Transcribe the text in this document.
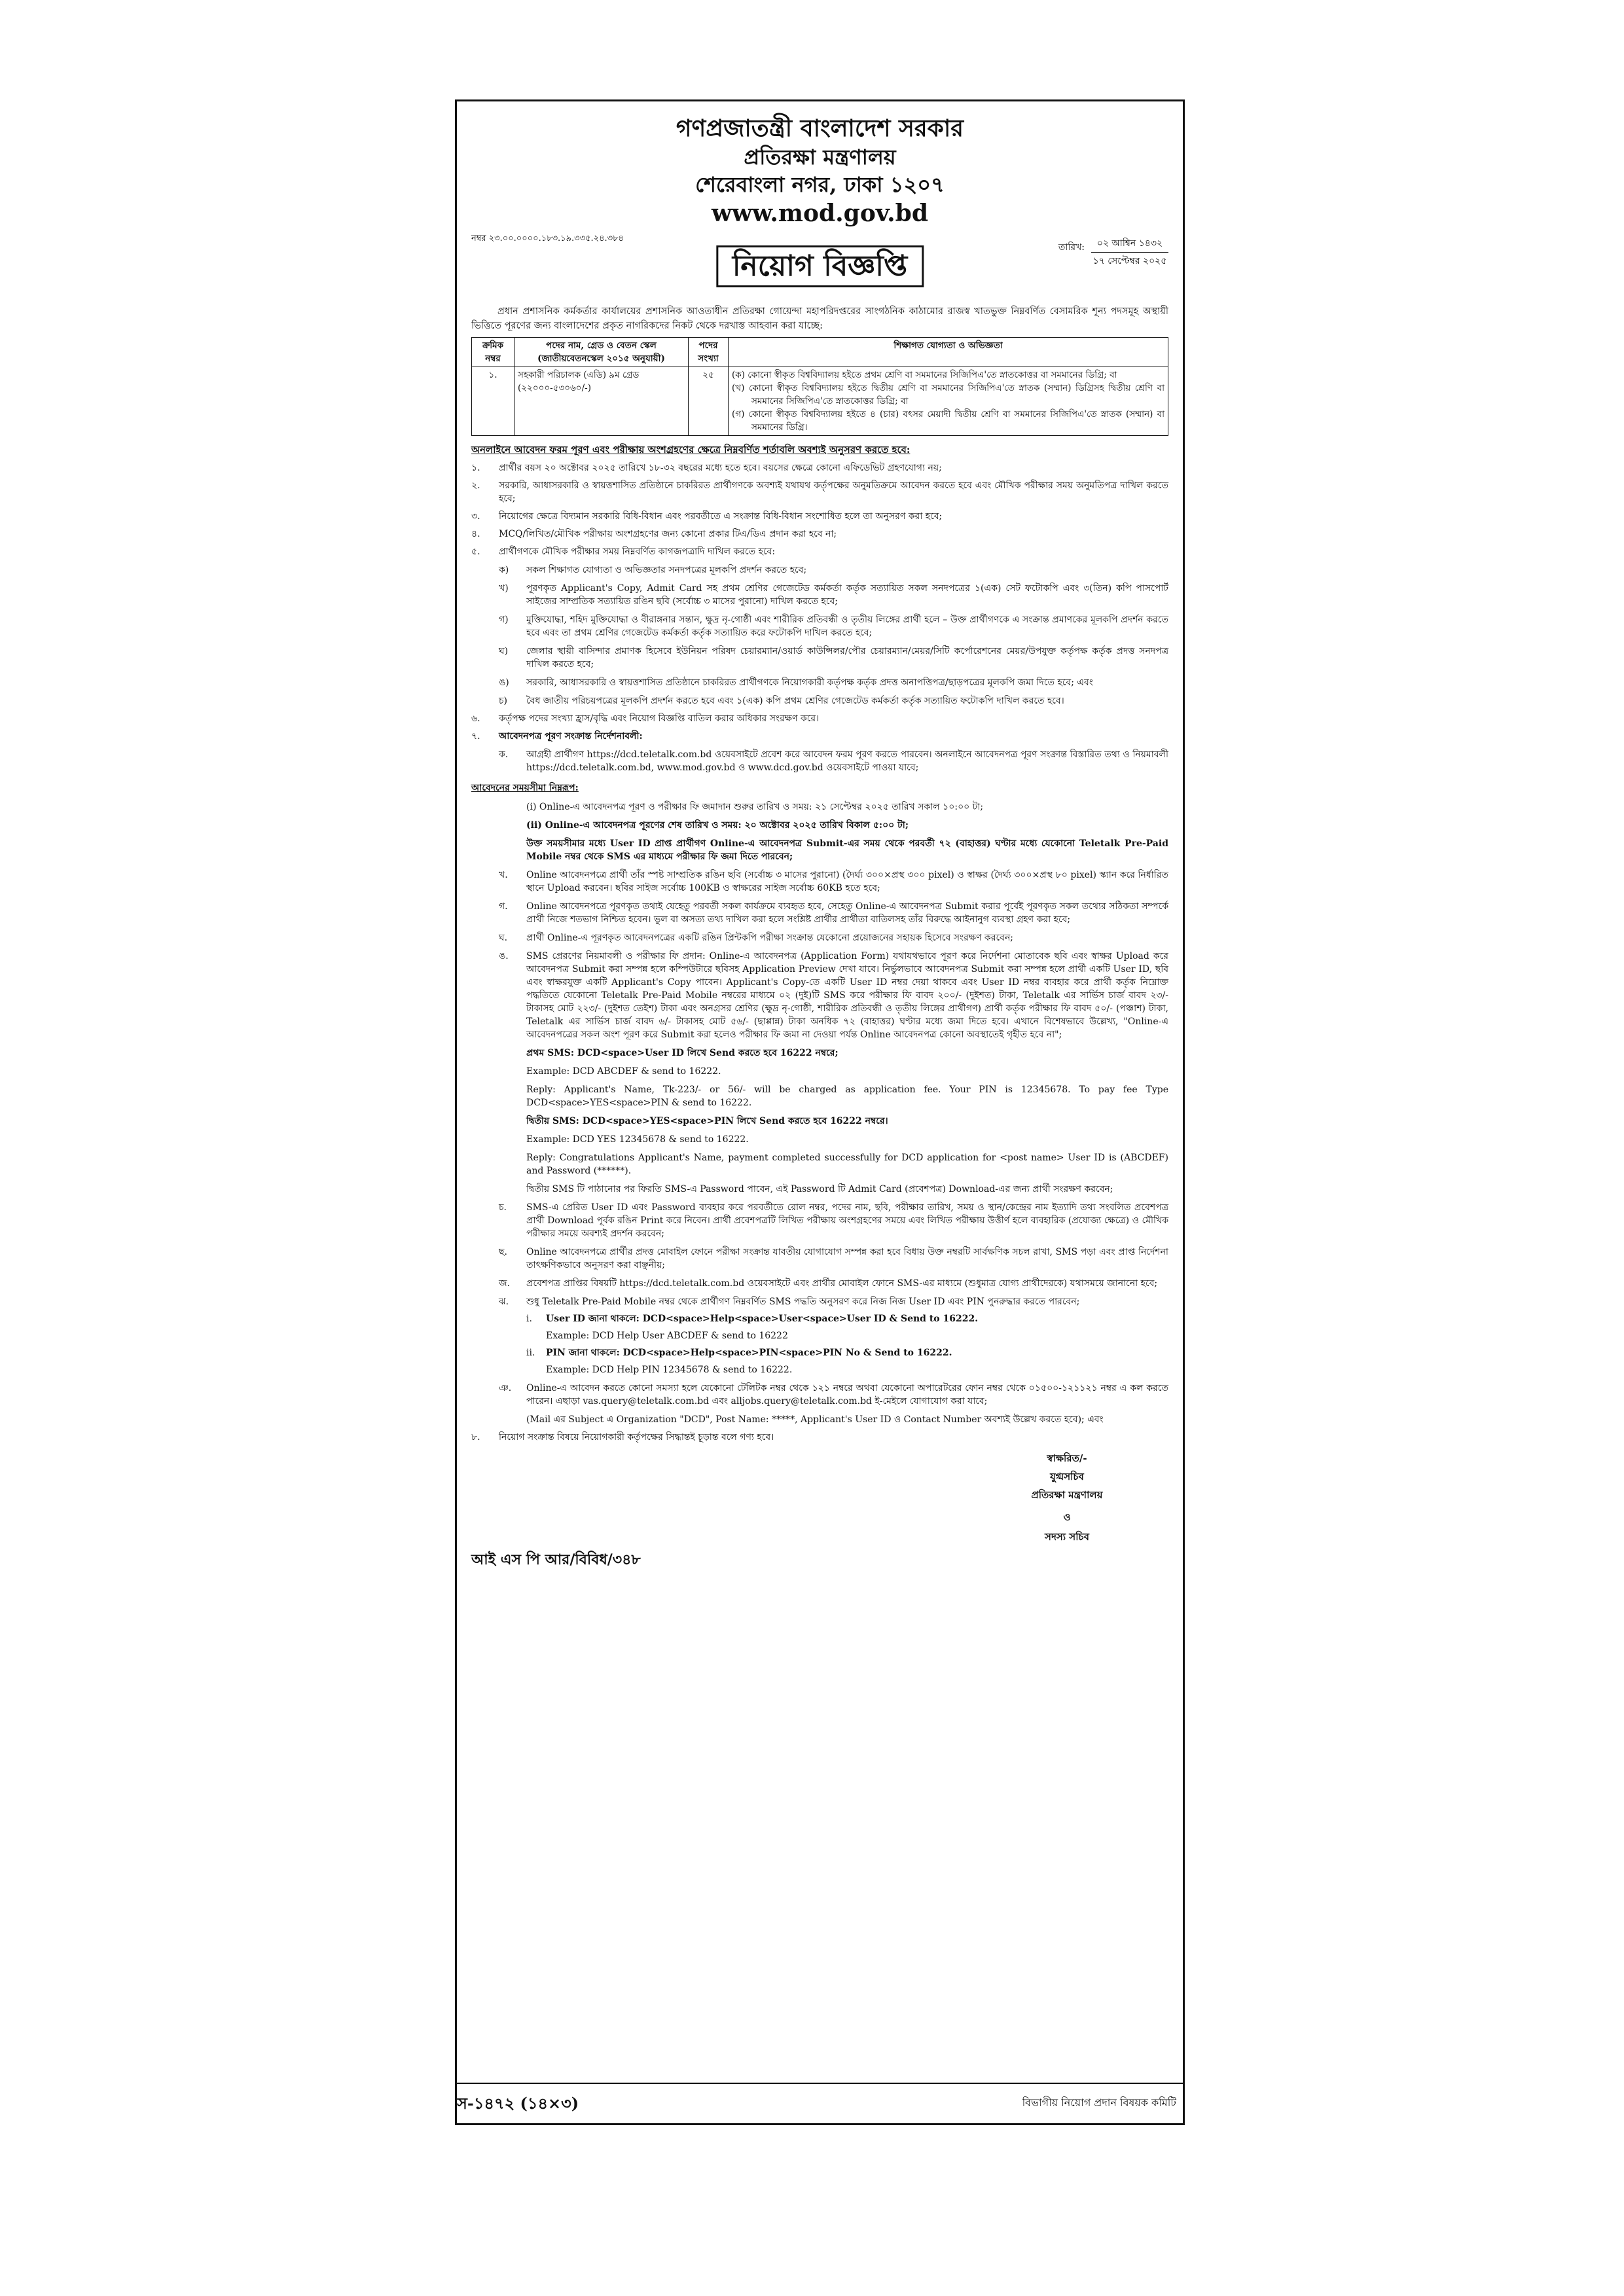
গণপ্রজাতন্ত্রী বাংলাদেশ সরকার
প্রতিরক্ষা মন্ত্রণালয়
শেরেবাংলা নগর, ঢাকা ১২০৭
www.mod.gov.bd
নম্বর ২৩.০০.০০০০.১৮৩.১৯.৩৩৫.২৪.৩৮৪
নিয়োগ বিজ্ঞপ্তি
তারিখ:	০২ আশ্বিন ১৪৩২
১৭ সেপ্টেম্বর ২০২৫

প্রধান প্রশাসনিক কর্মকর্তার কার্যালয়ের প্রশাসনিক আওতাধীন প্রতিরক্ষা গোয়েন্দা মহাপরিদপ্তরের সাংগঠনিক কাঠামোর রাজস্ব খাতভুক্ত নিম্নবর্ণিত বেসামরিক শূন্য পদসমূহ অস্থায়ী ভিত্তিতে পূরণের জন্য বাংলাদেশের প্রকৃত নাগরিকদের নিকট থেকে দরখাস্ত আহবান করা যাচ্ছে:

ক্রমিক নম্বর	পদের নাম, গ্রেড ও বেতন স্কেল (জাতীয়বেতনস্কেল ২০১৫ অনুযায়ী)	পদের সংখ্যা	শিক্ষাগত যোগ্যতা ও অভিজ্ঞতা
১.	সহকারী পরিচালক (এডি) ৯ম গ্রেড (২২০০০-৫৩০৬০/-)	২৫	(ক) কোনো স্বীকৃত বিশ্ববিদ্যালয় হইতে প্রথম শ্রেণি বা সমমানের সিজিপিএ'তে স্নাতকোত্তর বা সমমানের ডিগ্রি; বা
(খ) কোনো স্বীকৃত বিশ্ববিদ্যালয় হইতে দ্বিতীয় শ্রেণি বা সমমানের সিজিপিএ'তে স্নাতক (সম্মান) ডিগ্রিসহ দ্বিতীয় শ্রেণি বা সমমানের সিজিপিএ'তে স্নাতকোত্তর ডিগ্রি; বা
(গ) কোনো স্বীকৃত বিশ্ববিদ্যালয় হইতে ৪ (চার) বৎসর মেয়াদী দ্বিতীয় শ্রেণি বা সমমানের সিজিপিএ'তে স্নাতক (সম্মান) বা সমমানের ডিগ্রি।
অনলাইনে আবেদন ফরম পূরণ এবং পরীক্ষায় অংশগ্রহণের ক্ষেত্রে নিম্নবর্ণিত শর্তাবলি অবশ্যই অনুসরণ করতে হবে:
১.	প্রার্থীর বয়স ২০ অক্টোবর ২০২৫ তারিখে ১৮-৩২ বছরের মধ্যে হতে হবে। বয়সের ক্ষেত্রে কোনো এফিডেভিট গ্রহণযোগ্য নয়;
২.	সরকারি, আধাসরকারি ও স্বায়ত্তশাসিত প্রতিষ্ঠানে চাকরিরত প্রার্থীগণকে অবশ্যই যথাযথ কর্তৃপক্ষের অনুমতিক্রমে আবেদন করতে হবে এবং মৌখিক পরীক্ষার সময় অনুমতিপত্র দাখিল করতে হবে;
৩.	নিয়োগের ক্ষেত্রে বিদ্যমান সরকারি বিধি-বিধান এবং পরবর্তীতে এ সংক্রান্ত বিধি-বিধান সংশোধিত হলে তা অনুসরণ করা হবে;
৪.	MCQ/লিখিত/মৌখিক পরীক্ষায় অংশগ্রহণের জন্য কোনো প্রকার টিএ/ডিএ প্রদান করা হবে না;
৫.	প্রার্থীগণকে মৌখিক পরীক্ষার সময় নিম্নবর্ণিত কাগজপত্রাদি দাখিল করতে হবে:
ক)	সকল শিক্ষাগত যোগ্যতা ও অভিজ্ঞতার সনদপত্রের মূলকপি প্রদর্শন করতে হবে;
খ)	পূরণকৃত Applicant's Copy, Admit Card সহ প্রথম শ্রেণির গেজেটেড কর্মকর্তা কর্তৃক সত্যায়িত সকল সনদপত্রের ১(এক) সেট ফটোকপি এবং ৩(তিন) কপি পাসপোর্ট সাইজের সাম্প্রতিক সত্যায়িত রঙিন ছবি (সর্বোচ্চ ৩ মাসের পুরানো) দাখিল করতে হবে;
গ)	মুক্তিযোদ্ধা, শহিদ মুক্তিযোদ্ধা ও বীরাঙ্গনার সন্তান, ক্ষুদ্র নৃ-গোষ্ঠী এবং শারীরিক প্রতিবন্ধী ও তৃতীয় লিঙ্গের প্রার্থী হলে – উক্ত প্রার্থীগণকে এ সংক্রান্ত প্রমাণকের মূলকপি প্রদর্শন করতে হবে এবং তা প্রথম শ্রেণির গেজেটেড কর্মকর্তা কর্তৃক সত্যায়িত করে ফটোকপি দাখিল করতে হবে;
ঘ)	জেলার স্থায়ী বাসিন্দার প্রমাণক হিসেবে ইউনিয়ন পরিষদ চেয়ারম্যান/ওয়ার্ড কাউন্সিলর/পৌর চেয়ারম্যান/মেয়র/সিটি কর্পোরেশনের মেয়র/উপযুক্ত কর্তৃপক্ষ কর্তৃক প্রদত্ত সনদপত্র দাখিল করতে হবে;
ঙ)	সরকারি, আধাসরকারি ও স্বায়ত্তশাসিত প্রতিষ্ঠানে চাকরিরত প্রার্থীগণকে নিয়োগকারী কর্তৃপক্ষ কর্তৃক প্রদত্ত অনাপত্তিপত্র/ছাড়পত্রের মূলকপি জমা দিতে হবে; এবং
চ)	বৈধ জাতীয় পরিচয়পত্রের মূলকপি প্রদর্শন করতে হবে এবং ১(এক) কপি প্রথম শ্রেণির গেজেটেড কর্মকর্তা কর্তৃক সত্যায়িত ফটোকপি দাখিল করতে হবে।
৬.	কর্তৃপক্ষ পদের সংখ্যা হ্রাস/বৃদ্ধি এবং নিয়োগ বিজ্ঞপ্তি বাতিল করার অধিকার সংরক্ষণ করে।
৭.	আবেদনপত্র পূরণ সংক্রান্ত নির্দেশনাবলী:
ক.	আগ্রহী প্রার্থীগণ https://dcd.teletalk.com.bd ওয়েবসাইটে প্রবেশ করে আবেদন ফরম পূরণ করতে পারবেন। অনলাইনে আবেদনপত্র পূরণ সংক্রান্ত বিস্তারিত তথ্য ও নিয়মাবলী https://dcd.teletalk.com.bd, www.mod.gov.bd ও www.dcd.gov.bd ওয়েবসাইটে পাওয়া যাবে;
আবেদনের সময়সীমা নিম্নরূপ:
(i) Online-এ আবেদনপত্র পূরণ ও পরীক্ষার ফি জমাদান শুরুর তারিখ ও সময়: ২১ সেপ্টেম্বর ২০২৫ তারিখ সকাল ১০:০০ টা;
(ii) Online-এ আবেদনপত্র পূরণের শেষ তারিখ ও সময়: ২০ অক্টোবর ২০২৫ তারিখ বিকাল ৫:০০ টা;
উক্ত সময়সীমার মধ্যে User ID প্রাপ্ত প্রার্থীগণ Online-এ আবেদনপত্র Submit-এর সময় থেকে পরবর্তী ৭২ (বাহাত্তর) ঘণ্টার মধ্যে যেকোনো Teletalk Pre-Paid Mobile নম্বর থেকে SMS এর মাধ্যমে পরীক্ষার ফি জমা দিতে পারবেন;
খ.	Online আবেদনপত্রে প্রার্থী তাঁর স্পষ্ট সাম্প্রতিক রঙিন ছবি (সর্বোচ্চ ৩ মাসের পুরানো) (দৈর্ঘ্য ৩০০×প্রস্থ ৩০০ pixel) ও স্বাক্ষর (দৈর্ঘ্য ৩০০×প্রস্থ ৮০ pixel) স্ক্যান করে নির্ধারিত স্থানে Upload করবেন। ছবির সাইজ সর্বোচ্চ 100KB ও স্বাক্ষরের সাইজ সর্বোচ্চ 60KB হতে হবে;
গ.	Online আবেদনপত্রে পূরণকৃত তথ্যই যেহেতু পরবর্তী সকল কার্যক্রমে ব্যবহৃত হবে, সেহেতু Online-এ আবেদনপত্র Submit করার পূর্বেই পূরণকৃত সকল তথ্যের সঠিকতা সম্পর্কে প্রার্থী নিজে শতভাগ নিশ্চিত হবেন। ভুল বা অসত্য তথ্য দাখিল করা হলে সংশ্লিষ্ট প্রার্থীর প্রার্থীতা বাতিলসহ তাঁর বিরুদ্ধে আইনানুগ ব্যবস্থা গ্রহণ করা হবে;
ঘ.	প্রার্থী Online-এ পূরণকৃত আবেদনপত্রের একটি রঙিন প্রিন্টকপি পরীক্ষা সংক্রান্ত যেকোনো প্রয়োজনের সহায়ক হিসেবে সংরক্ষণ করবেন;
ঙ.	SMS প্রেরণের নিয়মাবলী ও পরীক্ষার ফি প্রদান: Online-এ আবেদনপত্র (Application Form) যথাযথভাবে পূরণ করে নির্দেশনা মোতাবেক ছবি এবং স্বাক্ষর Upload করে আবেদনপত্র Submit করা সম্পন্ন হলে কম্পিউটারে ছবিসহ Application Preview দেখা যাবে। নির্ভুলভাবে আবেদনপত্র Submit করা সম্পন্ন হলে প্রার্থী একটি User ID, ছবি এবং স্বাক্ষরযুক্ত একটি Applicant's Copy পাবেন। Applicant's Copy-তে একটি User ID নম্বর দেয়া থাকবে এবং User ID নম্বর ব্যবহার করে প্রার্থী কর্তৃক নিম্নোক্ত পদ্ধতিতে যেকোনো Teletalk Pre-Paid Mobile নম্বরের মাধ্যমে ০২ (দুই)টি SMS করে পরীক্ষার ফি বাবদ ২০০/- (দুইশত) টাকা, Teletalk এর সার্ভিস চার্জ বাবদ ২৩/- টাকাসহ মোট ২২৩/- (দুইশত তেইশ) টাকা এবং অনগ্রসর শ্রেণির (ক্ষুদ্র নৃ-গোষ্ঠী, শারীরিক প্রতিবন্ধী ও তৃতীয় লিঙ্গের প্রার্থীগণ) প্রার্থী কর্তৃক পরীক্ষার ফি বাবদ ৫০/- (পঞ্চাশ) টাকা, Teletalk এর সার্ভিস চার্জ বাবদ ৬/- টাকাসহ মোট ৫৬/- (ছাপ্পান্ন) টাকা অনধিক ৭২ (বাহাত্তর) ঘণ্টার মধ্যে জমা দিতে হবে। এখানে বিশেষভাবে উল্লেখ্য, "Online-এ আবেদনপত্রের সকল অংশ পূরণ করে Submit করা হলেও পরীক্ষার ফি জমা না দেওয়া পর্যন্ত Online আবেদনপত্র কোনো অবস্থাতেই গৃহীত হবে না";
প্রথম SMS: DCD<space>User ID লিখে Send করতে হবে 16222 নম্বরে;
Example: DCD ABCDEF & send to 16222.
Reply: Applicant's Name, Tk-223/- or 56/- will be charged as application fee. Your PIN is 12345678. To pay fee Type DCD<space>YES<space>PIN & send to 16222.
দ্বিতীয় SMS: DCD<space>YES<space>PIN লিখে Send করতে হবে 16222 নম্বরে।
Example: DCD YES 12345678 & send to 16222.
Reply: Congratulations Applicant's Name, payment completed successfully for DCD application for <post name> User ID is (ABCDEF) and Password (******).
দ্বিতীয় SMS টি পাঠানোর পর ফিরতি SMS-এ Password পাবেন, এই Password টি Admit Card (প্রবেশপত্র) Download-এর জন্য প্রার্থী সংরক্ষণ করবেন;
চ.	SMS-এ প্রেরিত User ID এবং Password ব্যবহার করে পরবর্তীতে রোল নম্বর, পদের নাম, ছবি, পরীক্ষার তারিখ, সময় ও স্থান/কেন্দ্রের নাম ইত্যাদি তথ্য সংবলিত প্রবেশপত্র প্রার্থী Download পূর্বক রঙিন Print করে নিবেন। প্রার্থী প্রবেশপত্রটি লিখিত পরীক্ষায় অংশগ্রহণের সময়ে এবং লিখিত পরীক্ষায় উত্তীর্ণ হলে ব্যবহারিক (প্রযোজ্য ক্ষেত্রে) ও মৌখিক পরীক্ষার সময়ে অবশ্যই প্রদর্শন করবেন;
ছ.	Online আবেদনপত্রে প্রার্থীর প্রদত্ত মোবাইল ফোনে পরীক্ষা সংক্রান্ত যাবতীয় যোগাযোগ সম্পন্ন করা হবে বিধায় উক্ত নম্বরটি সার্বক্ষণিক সচল রাখা, SMS পড়া এবং প্রাপ্ত নির্দেশনা তাৎক্ষণিকভাবে অনুসরণ করা বাঞ্ছনীয়;
জ.	প্রবেশপত্র প্রাপ্তির বিষয়টি https://dcd.teletalk.com.bd ওয়েবসাইটে এবং প্রার্থীর মোবাইল ফোনে SMS-এর মাধ্যমে (শুধুমাত্র যোগ্য প্রার্থীদেরকে) যথাসময়ে জানানো হবে;
ঝ.	শুধু Teletalk Pre-Paid Mobile নম্বর থেকে প্রার্থীগণ নিম্নবর্ণিত SMS পদ্ধতি অনুসরণ করে নিজ নিজ User ID এবং PIN পুনরুদ্ধার করতে পারবেন;
i.	User ID জানা থাকলে: DCD<space>Help<space>User<space>User ID & Send to 16222.
Example: DCD Help User ABCDEF & send to 16222
ii.	PIN জানা থাকলে: DCD<space>Help<space>PIN<space>PIN No & Send to 16222.
Example: DCD Help PIN 12345678 & send to 16222.
ঞ.	Online-এ আবেদন করতে কোনো সমস্যা হলে যেকোনো টেলিটক নম্বর থেকে ১২১ নম্বরে অথবা যেকোনো অপারেটরের ফোন নম্বর থেকে ০১৫০০-১২১১২১ নম্বর এ কল করতে পারেন। এছাড়া vas.query@teletalk.com.bd এবং alljobs.query@teletalk.com.bd ই-মেইলে যোগাযোগ করা যাবে;
(Mail এর Subject এ Organization "DCD", Post Name: *****, Applicant's User ID ও Contact Number অবশ্যই উল্লেখ করতে হবে); এবং
৮.	নিয়োগ সংক্রান্ত বিষয়ে নিয়োগকারী কর্তৃপক্ষের সিদ্ধান্তই চূড়ান্ত বলে গণ্য হবে।
স্বাক্ষরিত/-
যুগ্মসচিব
প্রতিরক্ষা মন্ত্রণালয়
ও
সদস্য সচিব
আই এস পি আর/বিবিধ/৩৪৮
স-১৪৭২ (১৪×৩)	বিভাগীয় নিয়োগ প্রদান বিষয়ক কমিটি
